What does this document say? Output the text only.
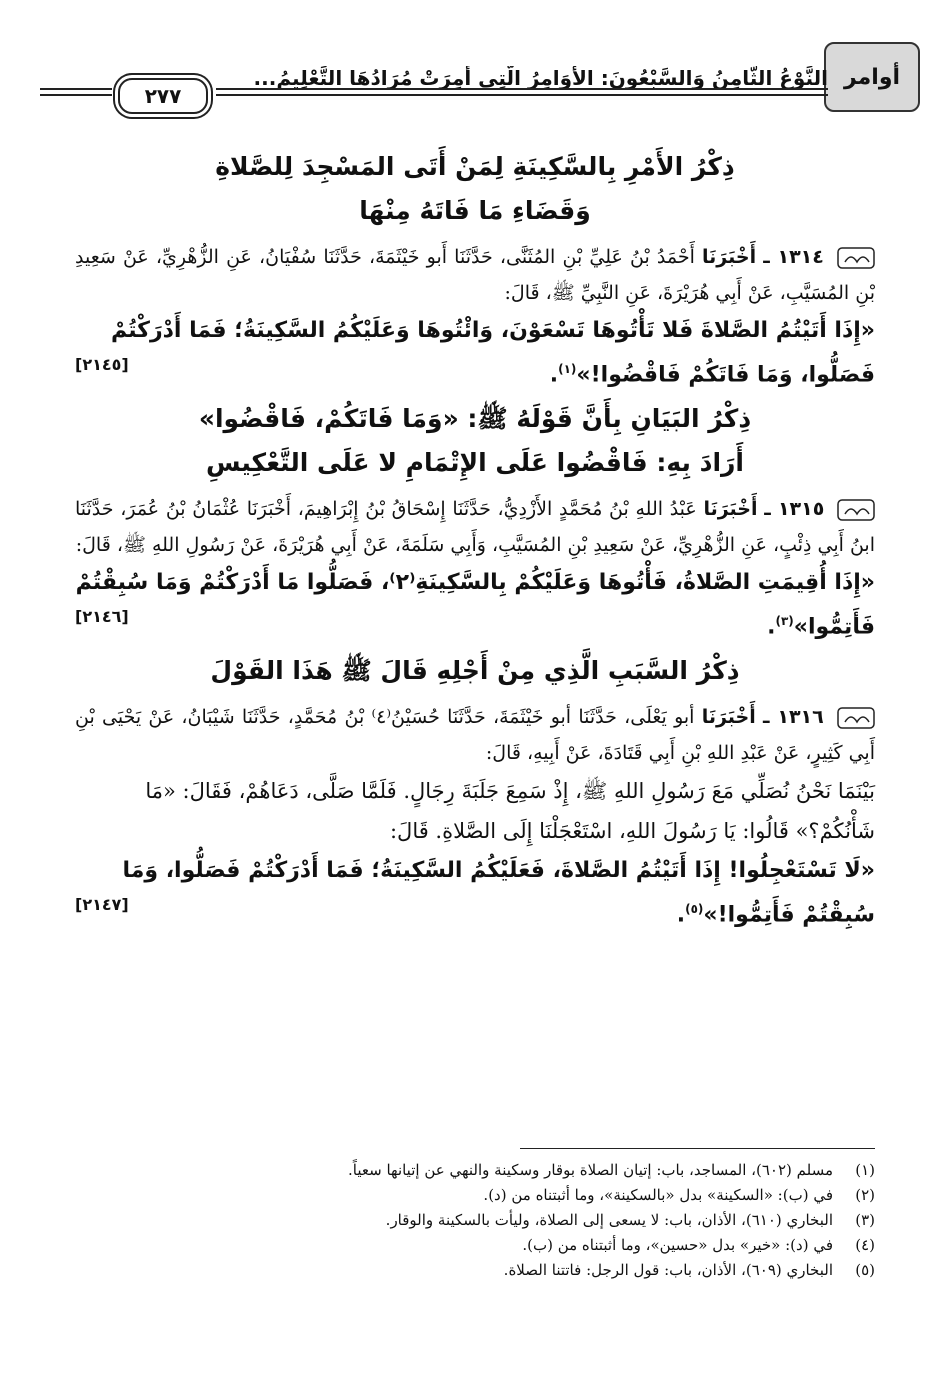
أوامر
النَّوْعُ الثَّامِنُ وَالسَّبْعُونَ: الأَوَامِرُ الَّتِي أُمِرَتْ مُرَادُهَا التَّعْلِيمُ...
٢٧٧

ذِكْرُ الأَمْرِ بِالسَّكِينَةِ لِمَنْ أَتَى المَسْجِدَ لِلصَّلاةِ

وَقَضَاءِ مَا فَاتَهُ مِنْهَا

١٣١٤ ـ أَخْبَرَنَا أَحْمَدُ بْنُ عَلِيِّ بْنِ المُثَنَّى، حَدَّثَنَا أَبو خَيْثَمَةَ، حَدَّثَنَا سُفْيَانُ، عَنِ الزُّهْرِيِّ، عَنْ سَعِيدِ بْنِ المُسَيَّبِ، عَنْ أَبِي هُرَيْرَةَ، عَنِ النَّبِيِّ ﷺ، قَالَ:

«إِذَا أَتَيْتُمُ الصَّلاةَ فَلا تَأْتُوهَا تَسْعَوْنَ، وَائْتُوهَا وَعَلَيْكُمُ السَّكِينَةُ؛ فَمَا أَدْرَكْتُمْ

فَصَلُّوا، وَمَا فَاتَكُمْ فَاقْضُوا!»$^{(١)}$.
[٢١٤٥]

ذِكْرُ البَيَانِ بِأَنَّ قَوْلَهُ ﷺ: «وَمَا فَاتَكُمْ، فَاقْضُوا»

أَرَادَ بِهِ: فَاقْضُوا عَلَى الإِتْمَامِ لا عَلَى التَّعْكِيسِ

١٣١٥ ـ أَخْبَرَنَا عَبْدُ اللهِ بْنُ مُحَمَّدٍ الأَزْدِيُّ، حَدَّثَنَا إِسْحَاقُ بْنُ إِبْرَاهِيمَ، أَخْبَرَنَا عُثْمَانُ بْنُ عُمَرَ، حَدَّثَنَا ابنُ أَبِي ذِئْبٍ، عَنِ الزُّهْرِيِّ، عَنْ سَعِيدِ بْنِ المُسَيَّبِ، وَأَبِي سَلَمَةَ، عَنْ أَبِي هُرَيْرَةَ، عَنْ رَسُولِ اللهِ ﷺ، قَالَ:

«إِذَا أُقِيمَتِ الصَّلاةُ، فَأْتُوهَا وَعَلَيْكُمْ بِالسَّكِينَةِ⁽٢⁾، فَصَلُّوا مَا أَدْرَكْتُمْ وَمَا سُبِقْتُمْ

فَأَتِمُّوا»$^{(٣)}$.
[٢١٤٦]

ذِكْرُ السَّبَبِ الَّذِي مِنْ أَجْلِهِ قَالَ ﷺ هَذَا القَوْلَ

١٣١٦ ـ أَخْبَرَنَا أبو يَعْلَى، حَدَّثَنَا أبو خَيْثَمَةَ، حَدَّثَنَا حُسَيْنُ⁽٤⁾ بْنُ مُحَمَّدٍ، حَدَّثَنَا شَيْبَانُ، عَنْ يَحْيَى بْنِ أَبِي كَثِيرٍ، عَنْ عَبْدِ اللهِ بْنِ أَبِي قَتَادَةَ، عَنْ أَبِيهِ، قَالَ:

بَيْنَمَا نَحْنُ نُصَلِّي مَعَ رَسُولِ اللهِ ﷺ، إِذْ سَمِعَ جَلَبَةَ رِجَالٍ. فَلَمَّا صَلَّى، دَعَاهُمْ، فَقَالَ: «مَا شَأْنُكُمْ؟» قَالُوا: يَا رَسُولَ اللهِ، اسْتَعْجَلْنَا إِلَى الصَّلاةِ. قَالَ:

«لَا تَسْتَعْجِلُوا! إِذَا أَتَيْتُمُ الصَّلاةَ، فَعَلَيْكُمُ السَّكِينَةُ؛ فَمَا أَدْرَكْتُمْ فَصَلُّوا، وَمَا

سُبِقْتُمْ فَأَتِمُّوا!»$^{(٥)}$.
[٢١٤٧]
(١)
مسلم (٦٠٢)، المساجد، باب: إتيان الصلاة بوقار وسكينة والنهي عن إتيانها سعياً.
(٢)
في (ب): «السكينة» بدل «بالسكينة»، وما أثبتناه من (د).
(٣)
البخاري (٦١٠)، الأذان، باب: لا يسعى إلى الصلاة، وليأت بالسكينة والوقار.
(٤)
في (د): «خير» بدل «حسين»، وما أثبتناه من (ب).
(٥)
البخاري (٦٠٩)، الأذان، باب: قول الرجل: فاتتنا الصلاة.
